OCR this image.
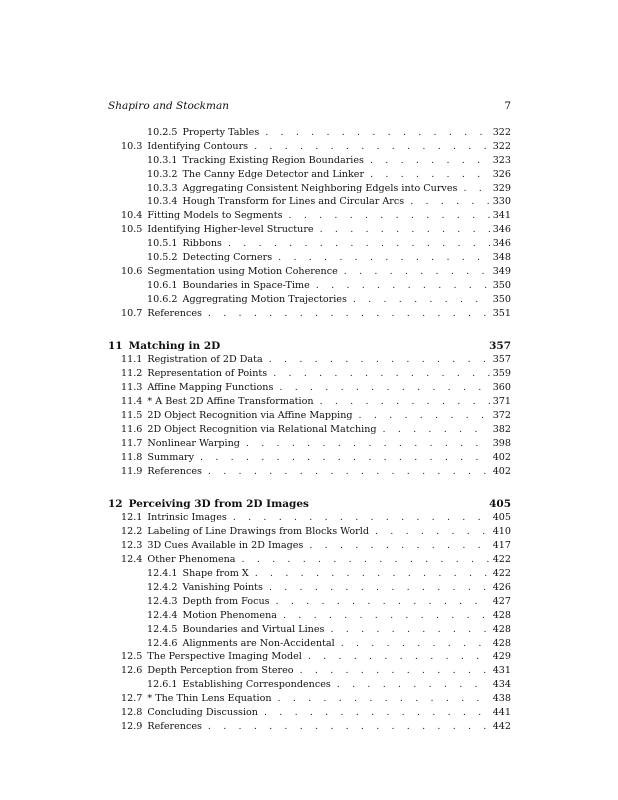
Shapiro and Stockman	7
10.2.5 Property Tables . . .	322
10.3 Identifying Contours . . .	322
10.3.1 Tracking Existing Region Boundaries . . .	323
10.3.2 The Canny Edge Detector and Linker . . .	326
10.3.3 Aggregating Consistent Neighboring Edgels into Curves . . .	329
10.3.4 Hough Transform for Lines and Circular Arcs . . .	330
10.4 Fitting Models to Segments . . .	341
10.5 Identifying Higher-level Structure . . .	346
10.5.1 Ribbons . . .	346
10.5.2 Detecting Corners . . .	348
10.6 Segmentation using Motion Coherence . . .	349
10.6.1 Boundaries in Space-Time . . .	350
10.6.2 Aggregrating Motion Trajectories . . .	350
10.7 References . . .	351
11 Matching in 2D	357
11.1 Registration of 2D Data . . .	357
11.2 Representation of Points . . .	359
11.3 Affine Mapping Functions . . .	360
11.4 * A Best 2D Affine Transformation . . .	371
11.5 2D Object Recognition via Affine Mapping . . .	372
11.6 2D Object Recognition via Relational Matching . . .	382
11.7 Nonlinear Warping . . .	398
11.8 Summary . . .	402
11.9 References . . .	402
12 Perceiving 3D from 2D Images	405
12.1 Intrinsic Images . . .	405
12.2 Labeling of Line Drawings from Blocks World . . .	410
12.3 3D Cues Available in 2D Images . . .	417
12.4 Other Phenomena . . .	422
12.4.1 Shape from X . . .	422
12.4.2 Vanishing Points . . .	426
12.4.3 Depth from Focus . . .	427
12.4.4 Motion Phenomena . . .	428
12.4.5 Boundaries and Virtual Lines . . .	428
12.4.6 Alignments are Non-Accidental . . .	428
12.5 The Perspective Imaging Model . . .	429
12.6 Depth Perception from Stereo . . .	431
12.6.1 Establishing Correspondences . . .	434
12.7 * The Thin Lens Equation . . .	438
12.8 Concluding Discussion . . .	441
12.9 References . . .	442
